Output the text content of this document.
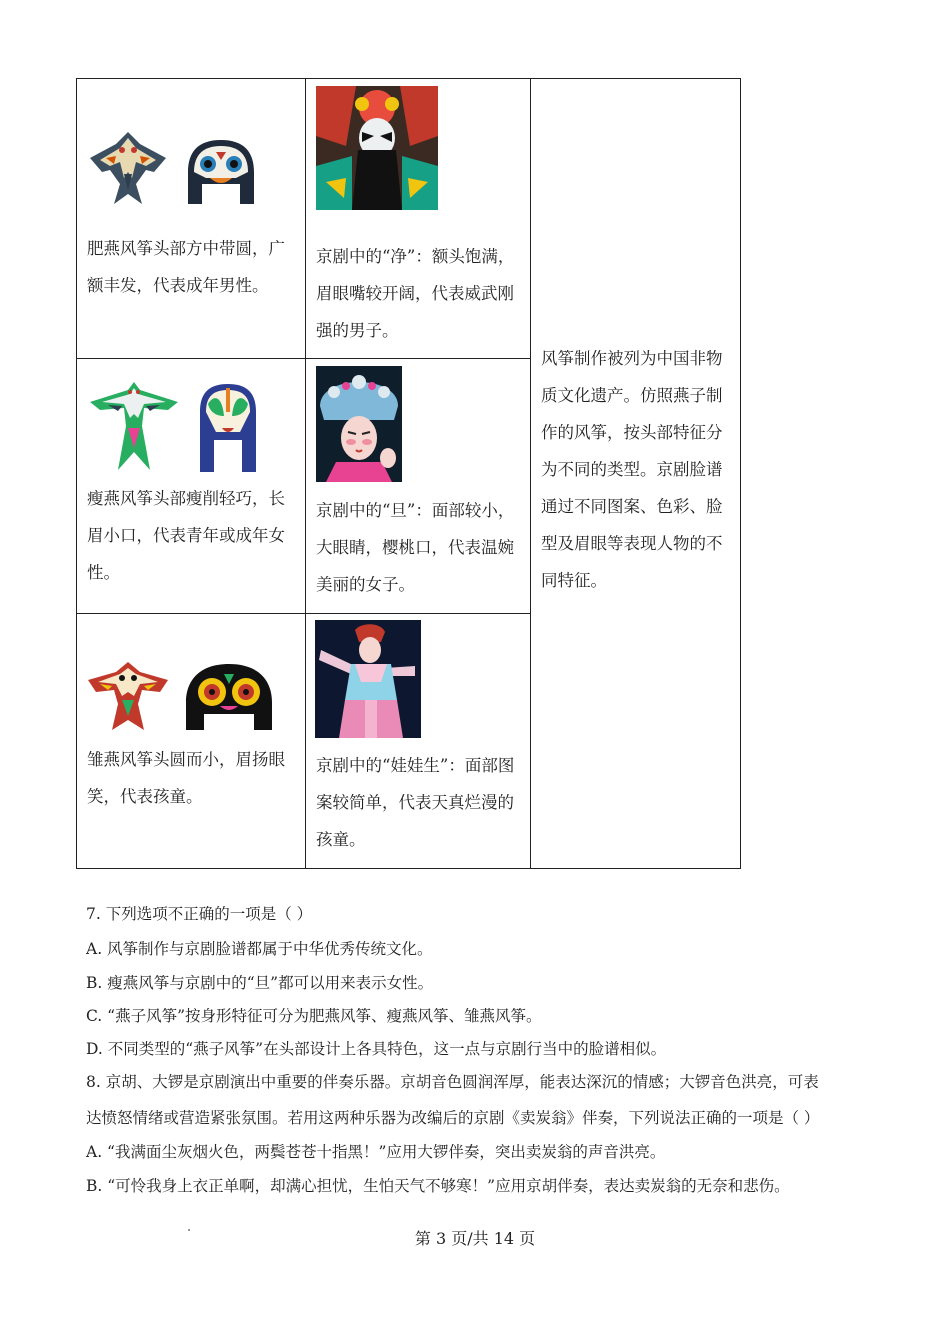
肥燕风筝头部方中带圆，广额丰发，代表成年男性。
京剧中的“净”：额头饱满，眉眼嘴较开阔，代表威武刚强的男子。
瘦燕风筝头部瘦削轻巧，长眉小口，代表青年或成年女性。
京剧中的“旦”：面部较小，大眼睛，樱桃口，代表温婉美丽的女子。
雏燕风筝头圆而小，眉扬眼笑，代表孩童。
京剧中的“娃娃生”：面部图案较简单，代表天真烂漫的孩童。
风筝制作被列为中国非物质文化遗产。仿照燕子制作的风筝，按头部特征分为不同的类型。京剧脸谱通过不同图案、色彩、脸型及眉眼等表现人物的不同特征。
7. 下列选项不正确的一项是（ ）
A. 风筝制作与京剧脸谱都属于中华优秀传统文化。
B. 瘦燕风筝与京剧中的“旦”都可以用来表示女性。
C. “燕子风筝”按身形特征可分为肥燕风筝、瘦燕风筝、雏燕风筝。
D. 不同类型的“燕子风筝”在头部设计上各具特色，这一点与京剧行当中的脸谱相似。
8. 京胡、大锣是京剧演出中重要的伴奏乐器。京胡音色圆润浑厚，能表达深沉的情感；大锣音色洪亮，可表
达愤怒情绪或营造紧张氛围。若用这两种乐器为改编后的京剧《卖炭翁》伴奏，下列说法正确的一项是（ ）
A. “我满面尘灰烟火色，两鬓苍苍十指黑！”应用大锣伴奏，突出卖炭翁的声音洪亮。
B. “可怜我身上衣正单啊，却满心担忧，生怕天气不够寒！”应用京胡伴奏，表达卖炭翁的无奈和悲伤。
第 3 页/共 14 页
